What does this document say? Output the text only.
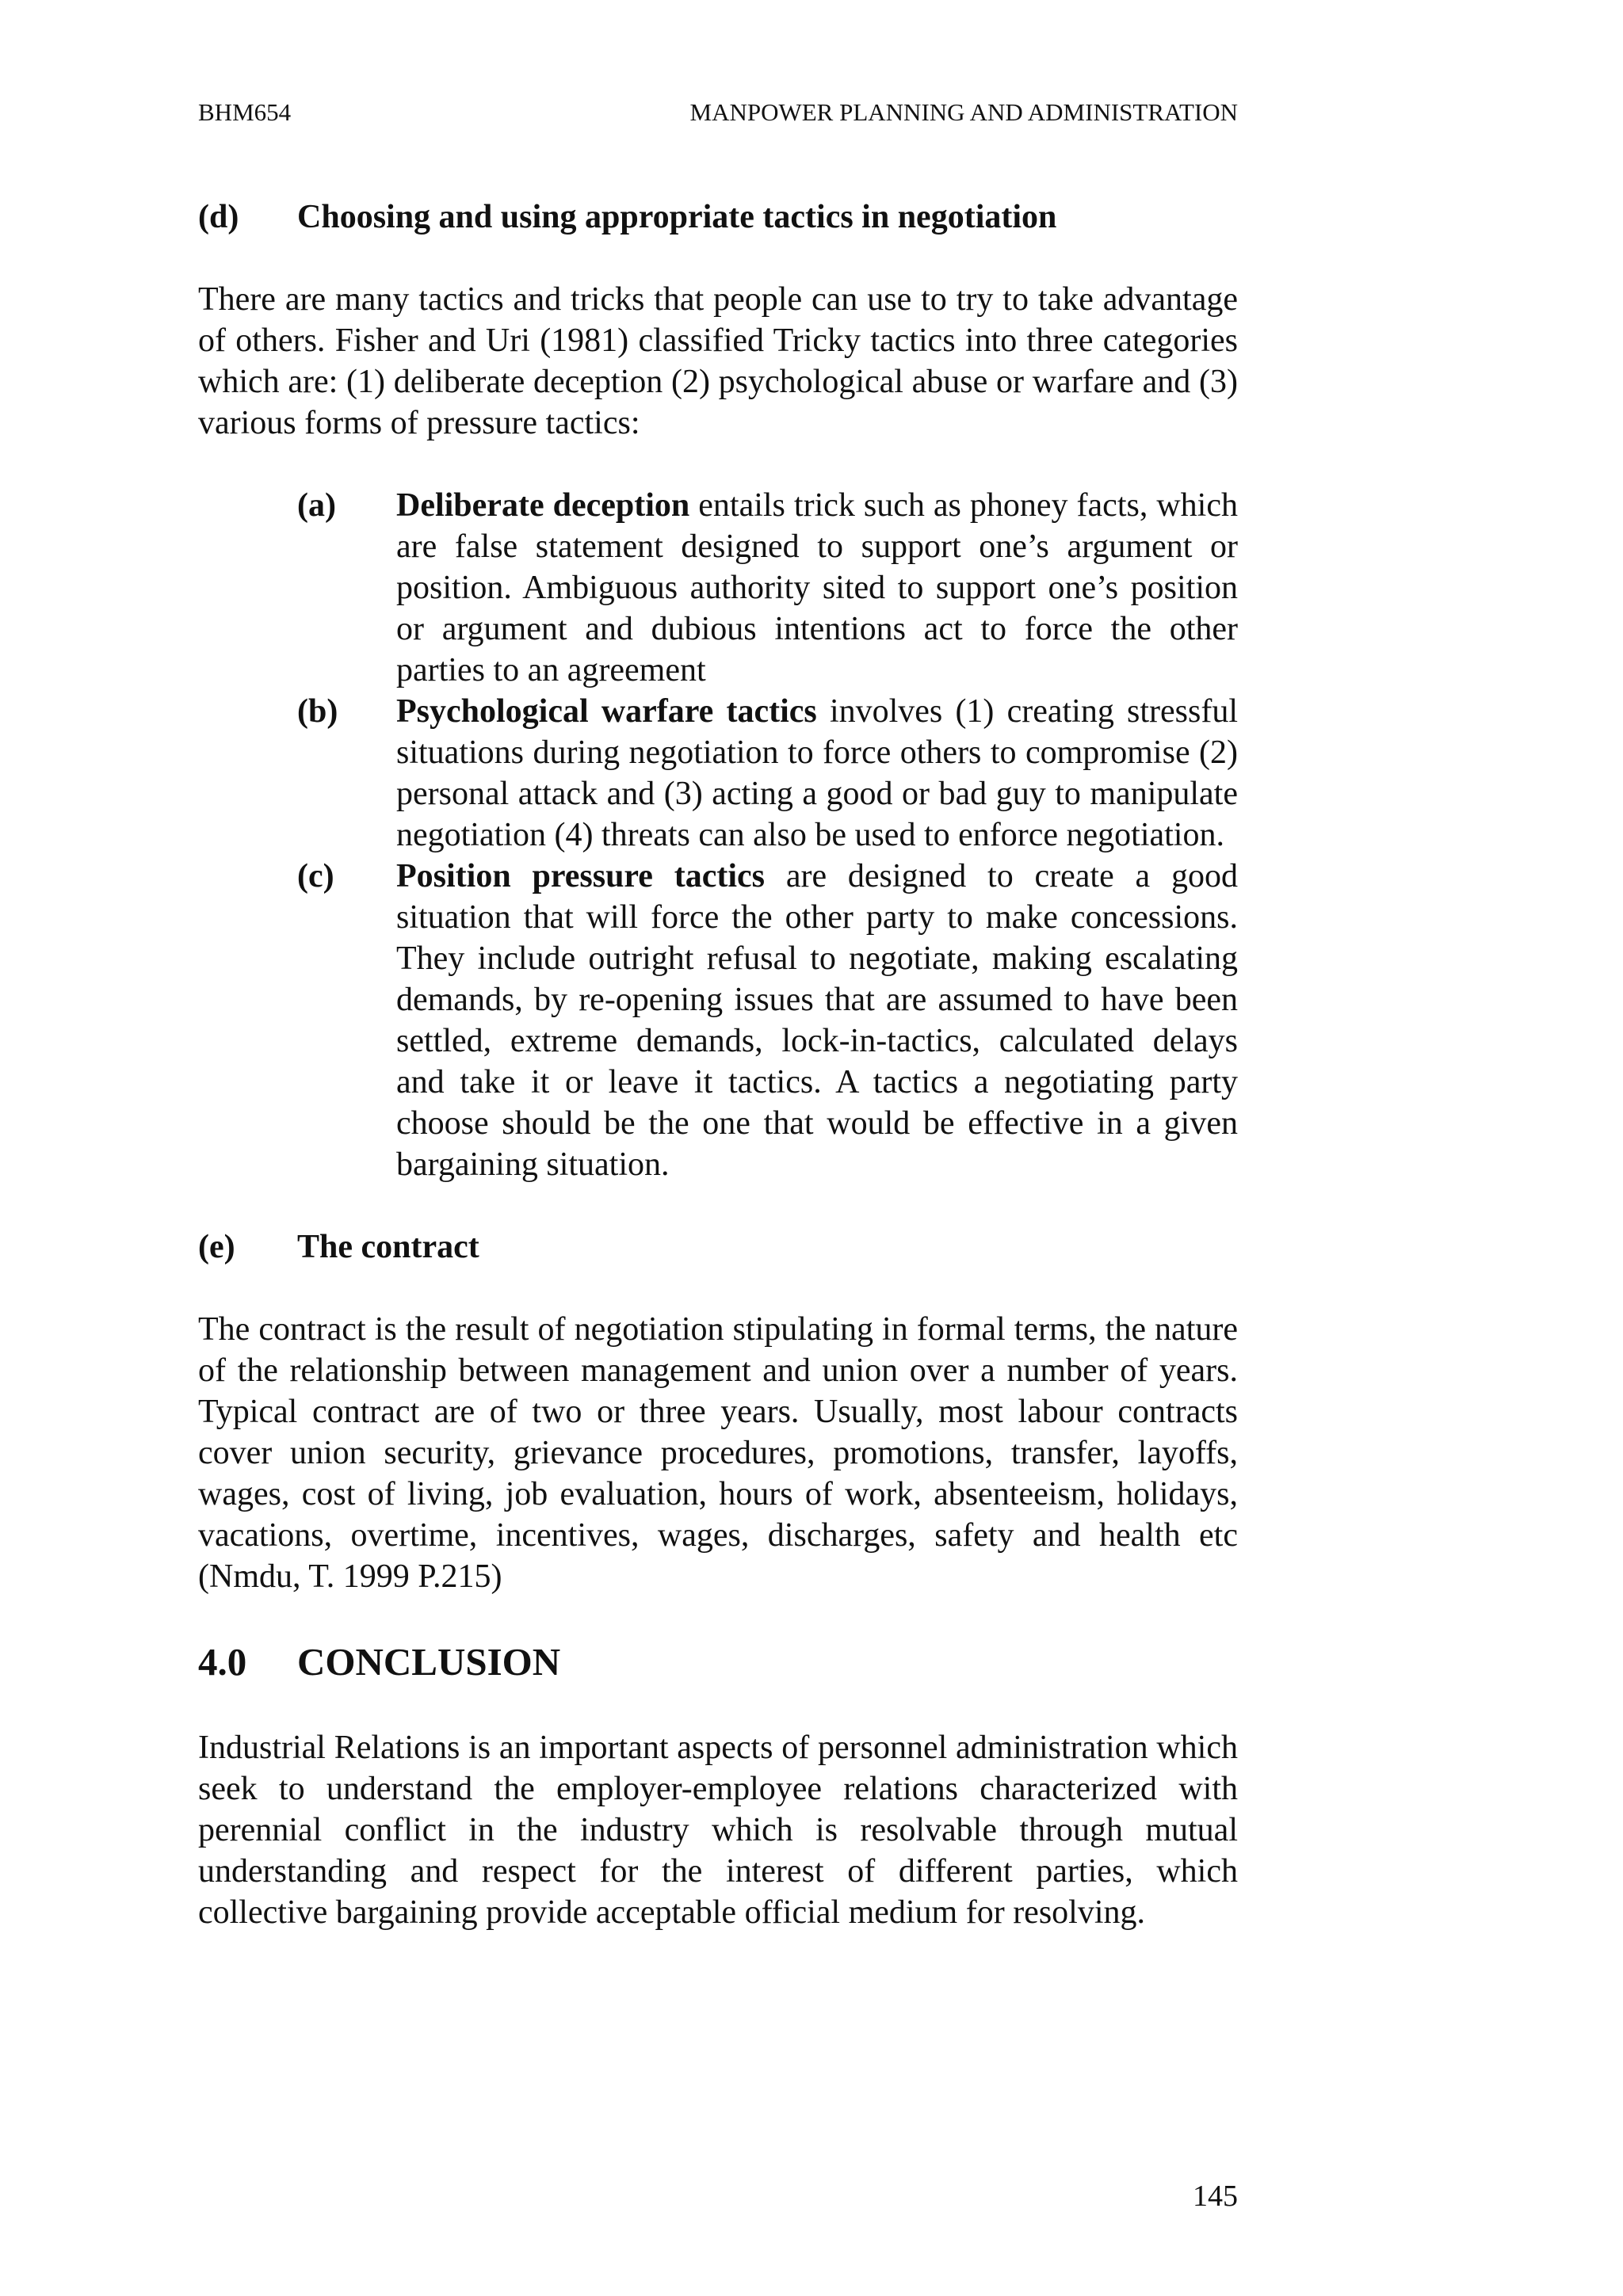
BHM654	MANPOWER PLANNING AND ADMINISTRATION
(d)	Choosing and using appropriate tactics in negotiation

There are many tactics and tricks that people can use to try to take advantage of others. Fisher and Uri (1981) classified Tricky tactics into three categories which are: (1) deliberate deception (2) psychological abuse or warfare and (3) various forms of pressure tactics:

(a)	Deliberate deception entails trick such as phoney facts, which are false statement designed to support one’s argument or position. Ambiguous authority sited to support one’s position or argument and dubious intentions act to force the other parties to an agreement
(b)	Psychological warfare tactics involves (1) creating stressful situations during negotiation to force others to compromise (2) personal attack and (3) acting a good or bad guy to manipulate negotiation (4) threats can also be used to enforce negotiation.
(c)	Position pressure tactics are designed to create a good situation that will force the other party to make concessions. They include outright refusal to negotiate, making escalating demands, by re-opening issues that are assumed to have been settled, extreme demands, lock-in-tactics, calculated delays and take it or leave it tactics. A tactics a negotiating party choose should be the one that would be effective in a given bargaining situation.
(e)	The contract

The contract is the result of negotiation stipulating in formal terms, the nature of the relationship between management and union over a number of years. Typical contract are of two or three years. Usually, most labour contracts cover union security, grievance procedures, promotions, transfer, layoffs, wages, cost of living, job evaluation, hours of work, absenteeism, holidays, vacations, overtime, incentives, wages, discharges, safety and health etc (Nmdu, T. 1999 P.215)

4.0	CONCLUSION

Industrial Relations is an important aspects of personnel administration which seek to understand the employer-employee relations characterized with perennial conflict in the industry which is resolvable through mutual understanding and respect for the interest of different parties, which collective bargaining provide acceptable official medium for resolving.

145
